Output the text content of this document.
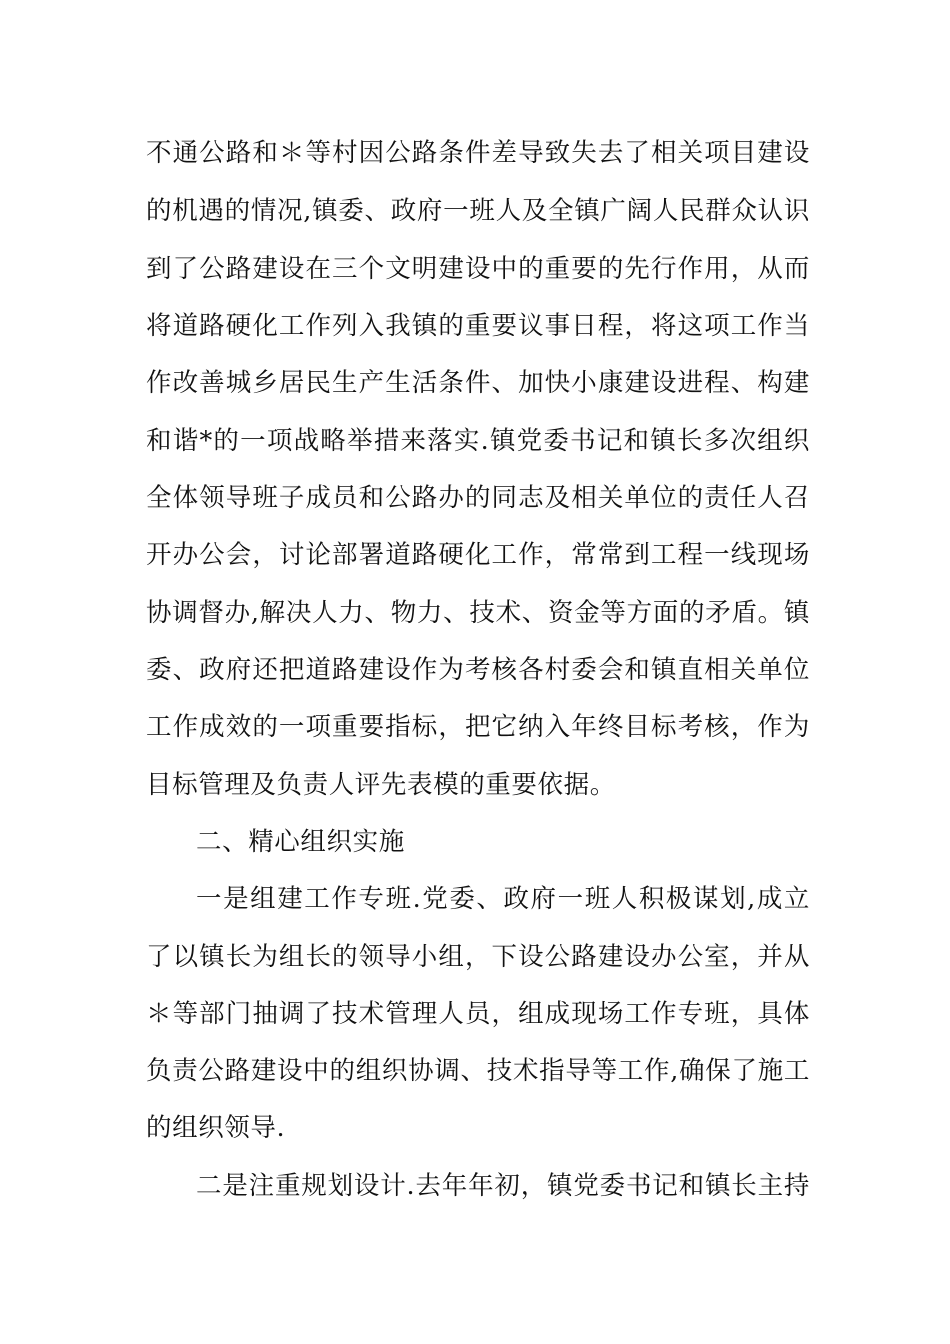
不通公路和＊等村因公路条件差导致失去了相关项目建设
的机遇的情况,镇委、政府一班人及全镇广阔人民群众认识
到了公路建设在三个文明建设中的重要的先行作用，从而
将道路硬化工作列入我镇的重要议事日程，将这项工作当
作改善城乡居民生产生活条件、加快小康建设进程、构建
和谐*的一项战略举措来落实.镇党委书记和镇长多次组织
全体领导班子成员和公路办的同志及相关单位的责任人召
开办公会，讨论部署道路硬化工作，常常到工程一线现场
协调督办,解决人力、物力、技术、资金等方面的矛盾。镇
委、政府还把道路建设作为考核各村委会和镇直相关单位
工作成效的一项重要指标，把它纳入年终目标考核，作为
目标管理及负责人评先表模的重要依据。
二、精心组织实施
一是组建工作专班.党委、政府一班人积极谋划,成立
了以镇长为组长的领导小组，下设公路建设办公室，并从
＊等部门抽调了技术管理人员，组成现场工作专班，具体
负责公路建设中的组织协调、技术指导等工作,确保了施工
的组织领导.
二是注重规划设计.去年年初，镇党委书记和镇长主持
